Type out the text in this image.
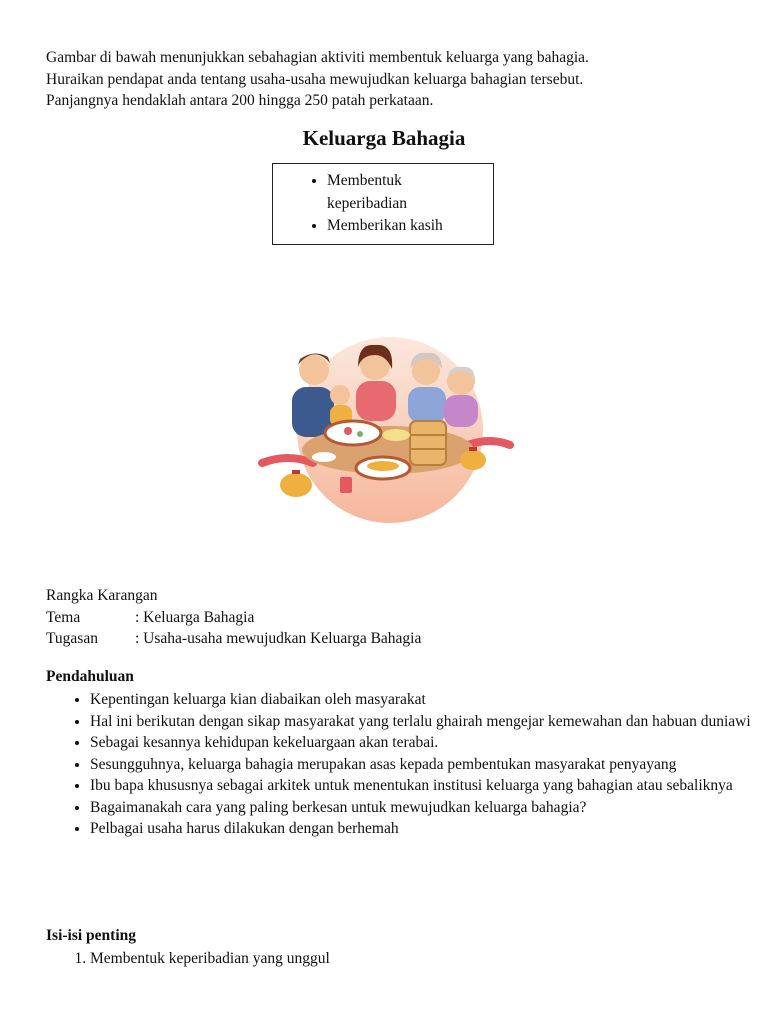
Gambar di bawah menunjukkan sebahagian aktiviti membentuk keluarga yang bahagia.
Huraikan pendapat anda tentang usaha-usaha mewujudkan keluarga bahagian tersebut.
Panjangnya hendaklah antara 200 hingga 250 patah perkataan.
Keluarga Bahagia
• Membentuk keperibadian
• Memberikan kasih
Rangka Karangan
Tema	: Keluarga Bahagia
Tugasan : Usaha-usaha mewujudkan Keluarga Bahagia
Pendahuluan
• Kepentingan keluarga kian diabaikan oleh masyarakat
• Hal ini berikutan dengan sikap masyarakat yang terlalu ghairah mengejar kemewahan dan habuan duniawi
• Sebagai kesannya kehidupan kekeluargaan akan terabai.
• Sesungguhnya, keluarga bahagia merupakan asas kepada pembentukan masyarakat penyayang
• Ibu bapa khususnya sebagai arkitek untuk menentukan institusi keluarga yang bahagian atau sebaliknya
• Bagaimanakah cara yang paling berkesan untuk mewujudkan keluarga bahagia?
• Pelbagai usaha harus dilakukan dengan berhemah
Isi-isi penting
1. Membentuk keperibadian yang unggul
